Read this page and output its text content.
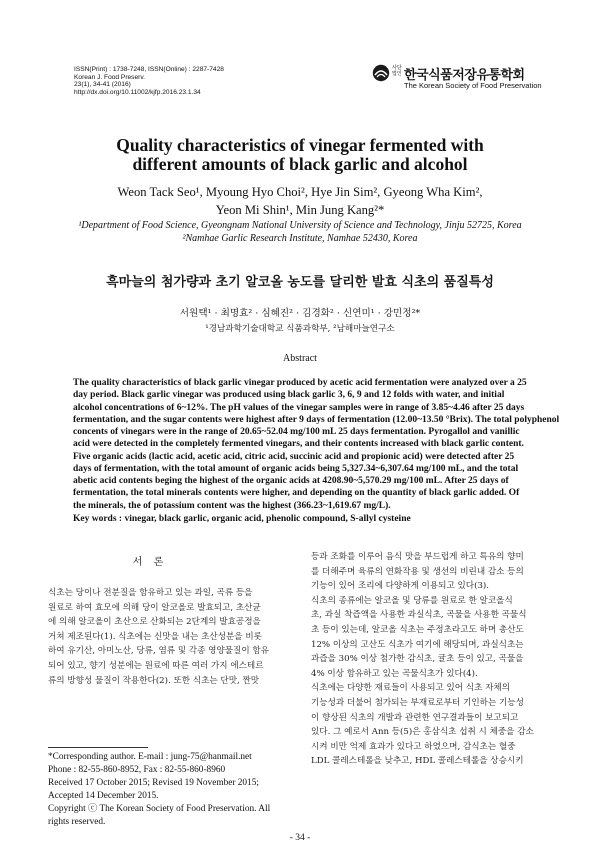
ISSN(Print) : 1738-7248, ISSN(Online) : 2287-7428
Korean J. Food Preserv.
23(1), 34-41 (2016)
http://dx.doi.org/10.11002/kjfp.2016.23.1.34
사단 법인 한국식품저장유통학회
The Korean Society of Food Preservation
Quality characteristics of vinegar fermented with
different amounts of black garlic and alcohol
Weon Tack Seo¹, Myoung Hyo Choi², Hye Jin Sim², Gyeong Wha Kim²,
Yeon Mi Shin¹, Min Jung Kang²*
¹Department of Food Science, Gyeongnam National University of Science and Technology, Jinju 52725, Korea
²Namhae Garlic Research Institute, Namhae 52430, Korea
흑마늘의 첨가량과 초기 알코올 농도를 달리한 발효 식초의 품질특성
서원택¹ · 최명효² · 심혜진² · 김경화² · 신연미¹ · 강민정²*
¹경남과학기술대학교 식품과학부, ²남해마늘연구소
Abstract
The quality characteristics of black garlic vinegar produced by acetic acid fermentation were analyzed over a 25
day period. Black garlic vinegar was produced using black garlic 3, 6, 9 and 12 folds with water, and initial
alcohol concentrations of 6~12%. The pH values of the vinegar samples were in range of 3.85~4.46 after 25 days
fermentation, and the sugar contents were highest after 9 days of fermentation (12.00~13.50 °Brix). The total polyphenol
concents of vinegars were in the range of 20.65~52.04 mg/100 mL 25 days fermentation. Pyrogallol and vanillic
acid were detected in the completely fermented vinegars, and their contents increased with black garlic content.
Five organic acids (lactic acid, acetic acid, citric acid, succinic acid and propionic acid) were detected after 25
days of fermentation, with the total amount of organic acids being 5,327.34~6,307.64 mg/100 mL, and the total
abetic acid contents beging the highest of the organic acids at 4208.90~5,570.29 mg/100 mL. After 25 days of
fermentation, the total minerals contents were higher, and depending on the quantity of black garlic added. Of
the minerals, the of potassium content was the highest (366.23~1,619.67 mg/L).
Key words : vinegar, black garlic, organic acid, phenolic compound, S-allyl cysteine
서 론
식초는 당이나 전분질을 함유하고 있는 과일, 곡류 등을
원료로 하여 효모에 의해 당이 알코올로 발효되고, 초산균
에 의해 알코올이 초산으로 산화되는 2단계의 발효공정을
거쳐 제조된다(1). 식초에는 신맛을 내는 초산성분을 비롯
하여 유기산, 아미노산, 당류, 염류 및 각종 영양물질이 함유
되어 있고, 향기 성분에는 원료에 따른 여러 가지 에스테르
류의 방향성 물질이 작용한다(2). 또한 식초는 단맛, 짠맛
*Corresponding author. E-mail : jung-75@hanmail.net
Phone : 82-55-860-8952, Fax : 82-55-860-8960
Received 17 October 2015; Revised 19 November 2015;
Accepted 14 December 2015.
Copyright ⓒ The Korean Society of Food Preservation. All
rights reserved.
등과 조화를 이루어 음식 맛을 부드럽게 하고 특유의 향미
를 더해주며 육류의 연화작용 및 생선의 비린내 감소 등의
기능이 있어 조리에 다양하게 이용되고 있다(3).
식초의 종류에는 알코올 및 당류를 원료로 한 알코올식
초, 과실 착즙액을 사용한 과실식초, 곡물을 사용한 곡물식
초 등이 있는데, 알코올 식초는 주정초라고도 하며 총산도
12% 이상의 고산도 식초가 여기에 해당되며, 과실식초는
과즙을 30% 이상 첨가한 감식초, 귤초 등이 있고, 곡물을
4% 이상 함유하고 있는 곡물식초가 있다(4).
식초에는 다양한 재료들이 사용되고 있어 식초 자체의
기능성과 더불어 첨가되는 부재료로부터 기인하는 기능성
이 향상된 식초의 개발과 관련한 연구결과들이 보고되고
있다. 그 예로서 Ann 등(5)은 홍삼식초 섭취 시 체중을 감소
시켜 비만 억제 효과가 있다고 하였으며, 감식초는 혈중
LDL 콜레스테롤을 낮추고, HDL 콜레스테롤을 상승시키
- 34 -
